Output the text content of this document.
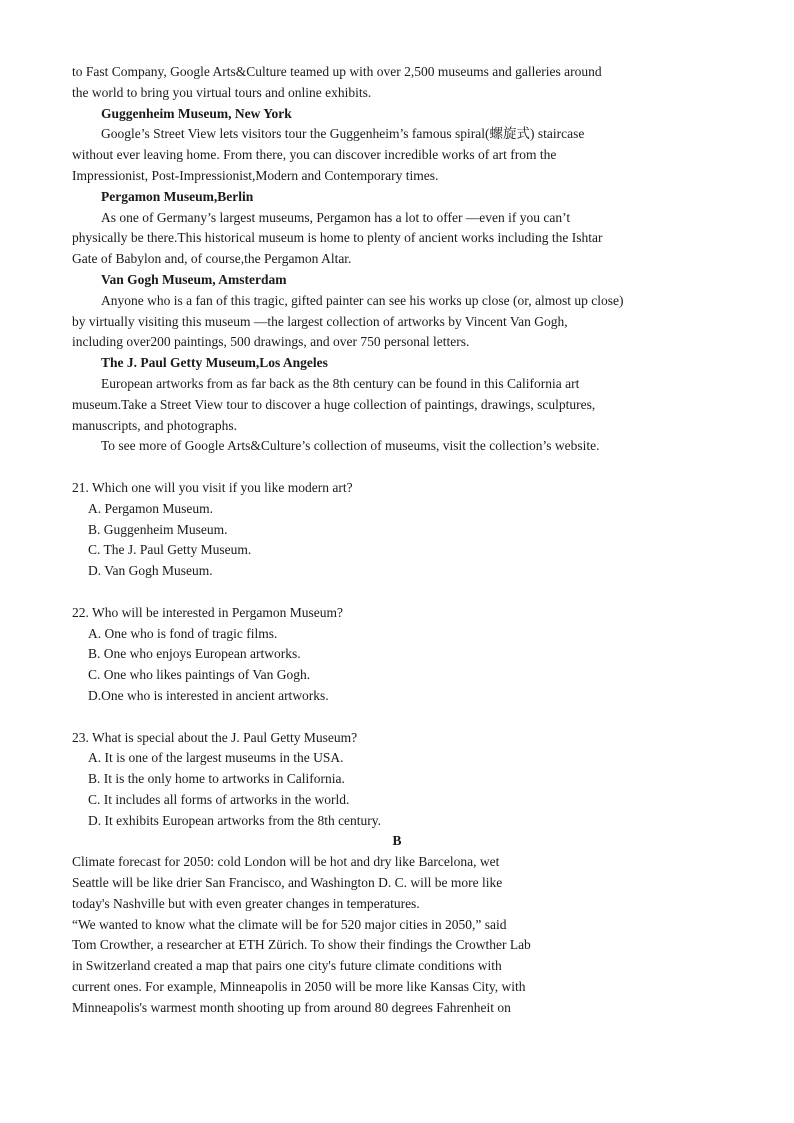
to Fast Company, Google Arts&Culture teamed up with over 2,500 museums and galleries around

the world to bring you virtual tours and online exhibits.

Guggenheim Museum, New York

Google’s Street View lets visitors tour the Guggenheim’s famous spiral(螺旋式) staircase

without ever leaving home. From there, you can discover incredible works of art from the

Impressionist, Post-Impressionist,Modern and Contemporary times.

Pergamon Museum,Berlin

As one of Germany’s largest museums, Pergamon has a lot to offer —even if you can’t

physically be there.This historical museum is home to plenty of ancient works including the Ishtar

Gate of Babylon and, of course,the Pergamon Altar.

Van Gogh Museum, Amsterdam

Anyone who is a fan of this tragic, gifted painter can see his works up close (or, almost up close)

by virtually visiting this museum —the largest collection of artworks by Vincent Van Gogh,

including over200 paintings, 500 drawings, and over 750 personal letters.

The J. Paul Getty Museum,Los Angeles

European artworks from as far back as the 8th century can be found in this California art

museum.Take a Street View tour to discover a huge collection of paintings, drawings, sculptures,

manuscripts, and photographs.

To see more of Google Arts&Culture’s collection of museums, visit the collection’s website.

21. Which one will you visit if you like modern art?

A. Pergamon Museum.

B. Guggenheim Museum.

C. The J. Paul Getty Museum.

D. Van Gogh Museum.

22. Who will be interested in Pergamon Museum?

A. One who is fond of tragic films.

B. One who enjoys European artworks.

C. One who likes paintings of Van Gogh.

D.One who is interested in ancient artworks.

23. What is special about the J. Paul Getty Museum?

A. It is one of the largest museums in the USA.

B. It is the only home to artworks in California.

C. It includes all forms of artworks in the world.

D. It exhibits European artworks from the 8th century.

B

Climate forecast for 2050: cold London will be hot and dry like Barcelona, wet

Seattle will be like drier San Francisco, and Washington D. C. will be more like

today's Nashville but with even greater changes in temperatures.

“We wanted to know what the climate will be for 520 major cities in 2050,” said

Tom Crowther, a researcher at ETH Zürich. To show their findings the Crowther Lab

in Switzerland created a map that pairs one city's future climate conditions with

current ones. For example, Minneapolis in 2050 will be more like Kansas City, with

Minneapolis's warmest month shooting up from around 80 degrees Fahrenheit on
